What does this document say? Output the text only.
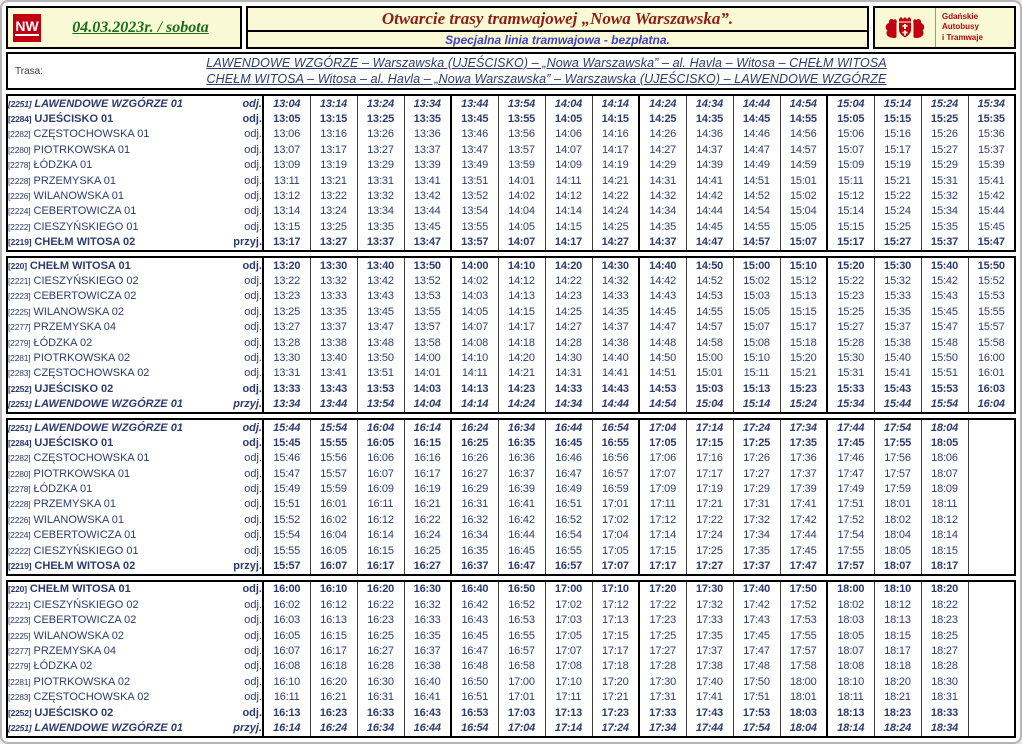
NW	04.03.2023r. / sobota	Otwarcie trasy tramwajowej „Nowa Warszawska”.
Specjalna linia tramwajowa - bezpłatna.
Gdańskie
Autobusy
i Tramwaje
Trasa:
LAWENDOWE WZGÓRZE – Warszawska (UJEŚCISKO) – „Nowa Warszawska” – al. Havla – Witosa – CHEŁM WITOSA
CHEŁM WITOSA – Witosa – al. Havla – „Nowa Warszawska” – Warszawska (UJEŚCISKO) – LAWENDOWE WZGÓRZE
[2251] LAWENDOWE WZGÓRZE 01	odj.	13:04	13:14	13:24	13:34	13:44	13:54	14:04	14:14	14:24	14:34	14:44	14:54	15:04	15:14	15:24	15:34
[2284] UJEŚCISKO 01	odj.	13:05	13:15	13:25	13:35	13:45	13:55	14:05	14:15	14:25	14:35	14:45	14:55	15:05	15:15	15:25	15:35
[2282] CZĘSTOCHOWSKA 01	odj.	13:06	13:16	13:26	13:36	13:46	13:56	14:06	14:16	14:26	14:36	14:46	14:56	15:06	15:16	15:26	15:36
[2280] PIOTRKOWSKA 01	odj.	13:07	13:17	13:27	13:37	13:47	13:57	14:07	14:17	14:27	14:37	14:47	14:57	15:07	15:17	15:27	15:37
[2278] ŁÓDZKA 01	odj.	13:09	13:19	13:29	13:39	13:49	13:59	14:09	14:19	14:29	14:39	14:49	14:59	15:09	15:19	15:29	15:39
[2228] PRZEMYSKA 01	odj.	13:11	13:21	13:31	13:41	13:51	14:01	14:11	14:21	14:31	14:41	14:51	15:01	15:11	15:21	15:31	15:41
[2226] WILANOWSKA 01	odj.	13:12	13:22	13:32	13:42	13:52	14:02	14:12	14:22	14:32	14:42	14:52	15:02	15:12	15:22	15:32	15:42
[2224] CEBERTOWICZA 01	odj.	13:14	13:24	13:34	13:44	13:54	14:04	14:14	14:24	14:34	14:44	14:54	15:04	15:14	15:24	15:34	15:44
[2222] CIESZYŃSKIEGO 01	odj.	13:15	13:25	13:35	13:45	13:55	14:05	14:15	14:25	14:35	14:45	14:55	15:05	15:15	15:25	15:35	15:45
[2219] CHEŁM WITOSA 02	przyj.	13:17	13:27	13:37	13:47	13:57	14:07	14:17	14:27	14:37	14:47	14:57	15:07	15:17	15:27	15:37	15:47
[220] CHEŁM WITOSA 01	odj.	13:20	13:30	13:40	13:50	14:00	14:10	14:20	14:30	14:40	14:50	15:00	15:10	15:20	15:30	15:40	15:50
[2221] CIESZYŃSKIEGO 02	odj.	13:22	13:32	13:42	13:52	14:02	14:12	14:22	14:32	14:42	14:52	15:02	15:12	15:22	15:32	15:42	15:52
[2223] CEBERTOWICZA 02	odj.	13:23	13:33	13:43	13:53	14:03	14:13	14:23	14:33	14:43	14:53	15:03	15:13	15:23	15:33	15:43	15:53
[2225] WILANOWSKA 02	odj.	13:25	13:35	13:45	13:55	14:05	14:15	14:25	14:35	14:45	14:55	15:05	15:15	15:25	15:35	15:45	15:55
[2277] PRZEMYSKA 04	odj.	13:27	13:37	13:47	13:57	14:07	14:17	14:27	14:37	14:47	14:57	15:07	15:17	15:27	15:37	15:47	15:57
[2279] ŁÓDZKA 02	odj.	13:28	13:38	13:48	13:58	14:08	14:18	14:28	14:38	14:48	14:58	15:08	15:18	15:28	15:38	15:48	15:58
[2281] PIOTRKOWSKA 02	odj.	13:30	13:40	13:50	14:00	14:10	14:20	14:30	14:40	14:50	15:00	15:10	15:20	15:30	15:40	15:50	16:00
[2283] CZĘSTOCHOWSKA 02	odj.	13:31	13:41	13:51	14:01	14:11	14:21	14:31	14:41	14:51	15:01	15:11	15:21	15:31	15:41	15:51	16:01
[2252] UJEŚCISKO 02	odj.	13:33	13:43	13:53	14:03	14:13	14:23	14:33	14:43	14:53	15:03	15:13	15:23	15:33	15:43	15:53	16:03
[2251] LAWENDOWE WZGÓRZE 01	przyj.	13:34	13:44	13:54	14:04	14:14	14:24	14:34	14:44	14:54	15:04	15:14	15:24	15:34	15:44	15:54	16:04
[2251] LAWENDOWE WZGÓRZE 01	odj.	15:44	15:54	16:04	16:14	16:24	16:34	16:44	16:54	17:04	17:14	17:24	17:34	17:44	17:54	18:04	
[2284] UJEŚCISKO 01	odj.	15:45	15:55	16:05	16:15	16:25	16:35	16:45	16:55	17:05	17:15	17:25	17:35	17:45	17:55	18:05	
[2282] CZĘSTOCHOWSKA 01	odj.	15:46	15:56	16:06	16:16	16:26	16:36	16:46	16:56	17:06	17:16	17:26	17:36	17:46	17:56	18:06	
[2280] PIOTRKOWSKA 01	odj.	15:47	15:57	16:07	16:17	16:27	16:37	16:47	16:57	17:07	17:17	17:27	17:37	17:47	17:57	18:07	
[2278] ŁÓDZKA 01	odj.	15:49	15:59	16:09	16:19	16:29	16:39	16:49	16:59	17:09	17:19	17:29	17:39	17:49	17:59	18:09	
[2228] PRZEMYSKA 01	odj.	15:51	16:01	16:11	16:21	16:31	16:41	16:51	17:01	17:11	17:21	17:31	17:41	17:51	18:01	18:11	
[2226] WILANOWSKA 01	odj.	15:52	16:02	16:12	16:22	16:32	16:42	16:52	17:02	17:12	17:22	17:32	17:42	17:52	18:02	18:12	
[2224] CEBERTOWICZA 01	odj.	15:54	16:04	16:14	16:24	16:34	16:44	16:54	17:04	17:14	17:24	17:34	17:44	17:54	18:04	18:14	
[2222] CIESZYŃSKIEGO 01	odj.	15:55	16:05	16:15	16:25	16:35	16:45	16:55	17:05	17:15	17:25	17:35	17:45	17:55	18:05	18:15	
[2219] CHEŁM WITOSA 02	przyj.	15:57	16:07	16:17	16:27	16:37	16:47	16:57	17:07	17:17	17:27	17:37	17:47	17:57	18:07	18:17	
[220] CHEŁM WITOSA 01	odj.	16:00	16:10	16:20	16:30	16:40	16:50	17:00	17:10	17:20	17:30	17:40	17:50	18:00	18:10	18:20	
[2221] CIESZYŃSKIEGO 02	odj.	16:02	16:12	16:22	16:32	16:42	16:52	17:02	17:12	17:22	17:32	17:42	17:52	18:02	18:12	18:22	
[2223] CEBERTOWICZA 02	odj.	16:03	16:13	16:23	16:33	16:43	16:53	17:03	17:13	17:23	17:33	17:43	17:53	18:03	18:13	18:23	
[2225] WILANOWSKA 02	odj.	16:05	16:15	16:25	16:35	16:45	16:55	17:05	17:15	17:25	17:35	17:45	17:55	18:05	18:15	18:25	
[2277] PRZEMYSKA 04	odj.	16:07	16:17	16:27	16:37	16:47	16:57	17:07	17:17	17:27	17:37	17:47	17:57	18:07	18:17	18:27	
[2279] ŁÓDZKA 02	odj.	16:08	16:18	16:28	16:38	16:48	16:58	17:08	17:18	17:28	17:38	17:48	17:58	18:08	18:18	18:28	
[2281] PIOTRKOWSKA 02	odj.	16:10	16:20	16:30	16:40	16:50	17:00	17:10	17:20	17:30	17:40	17:50	18:00	18:10	18:20	18:30	
[2283] CZĘSTOCHOWSKA 02	odj.	16:11	16:21	16:31	16:41	16:51	17:01	17:11	17:21	17:31	17:41	17:51	18:01	18:11	18:21	18:31	
[2252] UJEŚCISKO 02	odj.	16:13	16:23	16:33	16:43	16:53	17:03	17:13	17:23	17:33	17:43	17:53	18:03	18:13	18:23	18:33	
[2251] LAWENDOWE WZGÓRZE 01	przyj.	16:14	16:24	16:34	16:44	16:54	17:04	17:14	17:24	17:34	17:44	17:54	18:04	18:14	18:24	18:34	
